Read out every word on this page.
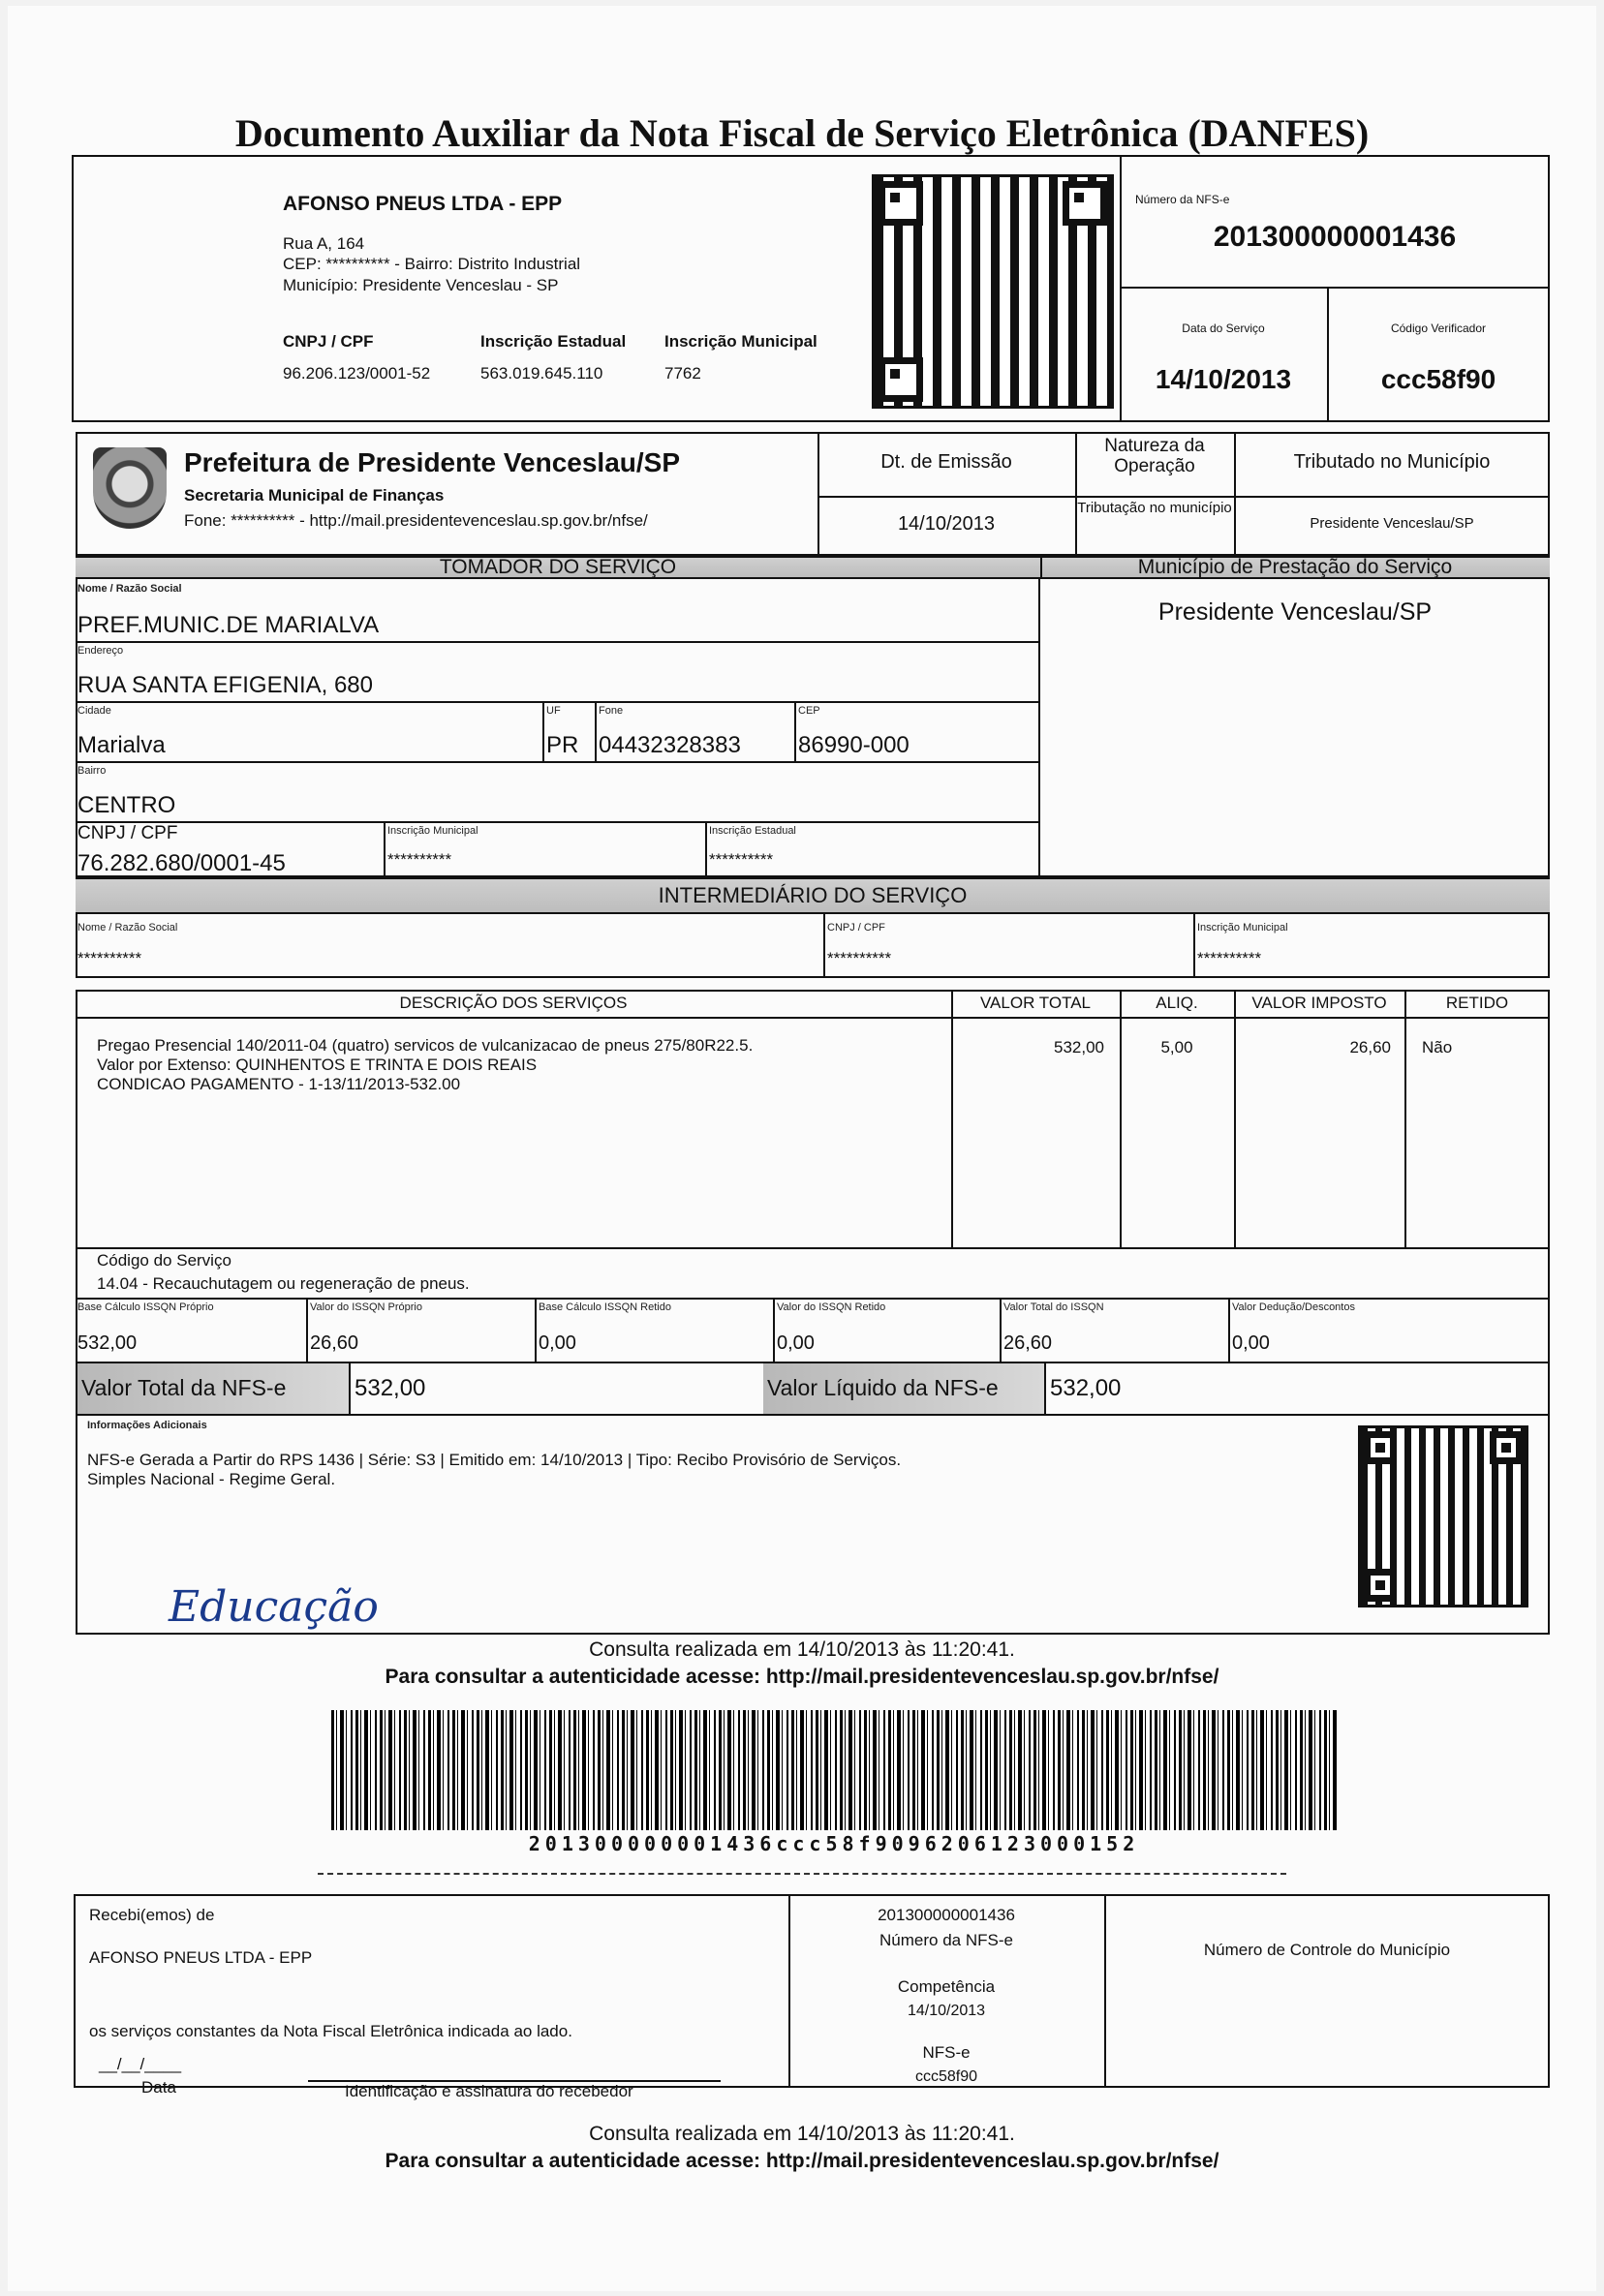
Documento Auxiliar da Nota Fiscal de Serviço Eletrônica (DANFES)
AFONSO PNEUS LTDA - EPP
Rua A, 164
CEP: ********** - Bairro: Distrito Industrial
Município: Presidente Venceslau - SP
CNPJ / CPF
96.206.123/0001-52
Inscrição Estadual
563.019.645.110
Inscrição Municipal
7762
Número da NFS-e
201300000001436
Data do Serviço
14/10/2013
Código Verificador
ccc58f90
Prefeitura de Presidente Venceslau/SP
Secretaria Municipal de Finanças
Fone: ********** - http://mail.presidentevenceslau.sp.gov.br/nfse/
Dt. de Emissão
14/10/2013
Natureza da Operação
Tributação no município
Tributado no Município
Presidente Venceslau/SP
TOMADOR DO SERVIÇO	Município de Prestação do Serviço
Nome / Razão Social
PREF.MUNIC.DE MARIALVA
Endereço
RUA SANTA EFIGENIA, 680
Cidade
Marialva
UF
PR
Fone
04432328383
CEP
86990-000
Bairro
CENTRO
CNPJ / CPF
76.282.680/0001-45
Inscrição Municipal
**********
Inscrição Estadual
**********
Presidente Venceslau/SP
INTERMEDIÁRIO DO SERVIÇO
Nome / Razão Social
**********
CNPJ / CPF
**********
Inscrição Municipal
**********
DESCRIÇÃO DOS SERVIÇOS	VALOR TOTAL	ALIQ.	VALOR IMPOSTO	RETIDO
Pregao Presencial 140/2011-04 (quatro) servicos de vulcanizacao de pneus 275/80R22.5.
Valor por Extenso: QUINHENTOS E TRINTA E DOIS REAIS
CONDICAO PAGAMENTO - 1-13/11/2013-532.00
532,00	5,00	26,60 Não
Código do Serviço
14.04 - Recauchutagem ou regeneração de pneus.
Base Cálculo ISSQN Próprio	Valor do ISSQN Próprio	Base Cálculo ISSQN Retido	Valor do ISSQN Retido	Valor Total do ISSQN	Valor Dedução/Descontos
532,00	26,60	0,00	0,00	26,60	0,00
Valor Total da NFS-e	532,00	Valor Líquido da NFS-e 532,00
Informações Adicionais
NFS-e Gerada a Partir do RPS 1436 | Série: S3 | Emitido em: 14/10/2013 | Tipo: Recibo Provisório de Serviços.
Simples Nacional - Regime Geral.
Educação
Consulta realizada em 14/10/2013 às 11:20:41.
Para consultar a autenticidade acesse: http://mail.presidentevenceslau.sp.gov.br/nfse/
201300000001436ccc58f9096206123000152
Recebi(emos) de
AFONSO PNEUS LTDA - EPP
os serviços constantes da Nota Fiscal Eletrônica indicada ao lado.
__/__/____
Data	Identificação e assinatura do recebedor
201300000001436
Número da NFS-e
Competência
14/10/2013
NFS-e
ccc58f90
Número de Controle do Município
Consulta realizada em 14/10/2013 às 11:20:41.
Para consultar a autenticidade acesse: http://mail.presidentevenceslau.sp.gov.br/nfse/
